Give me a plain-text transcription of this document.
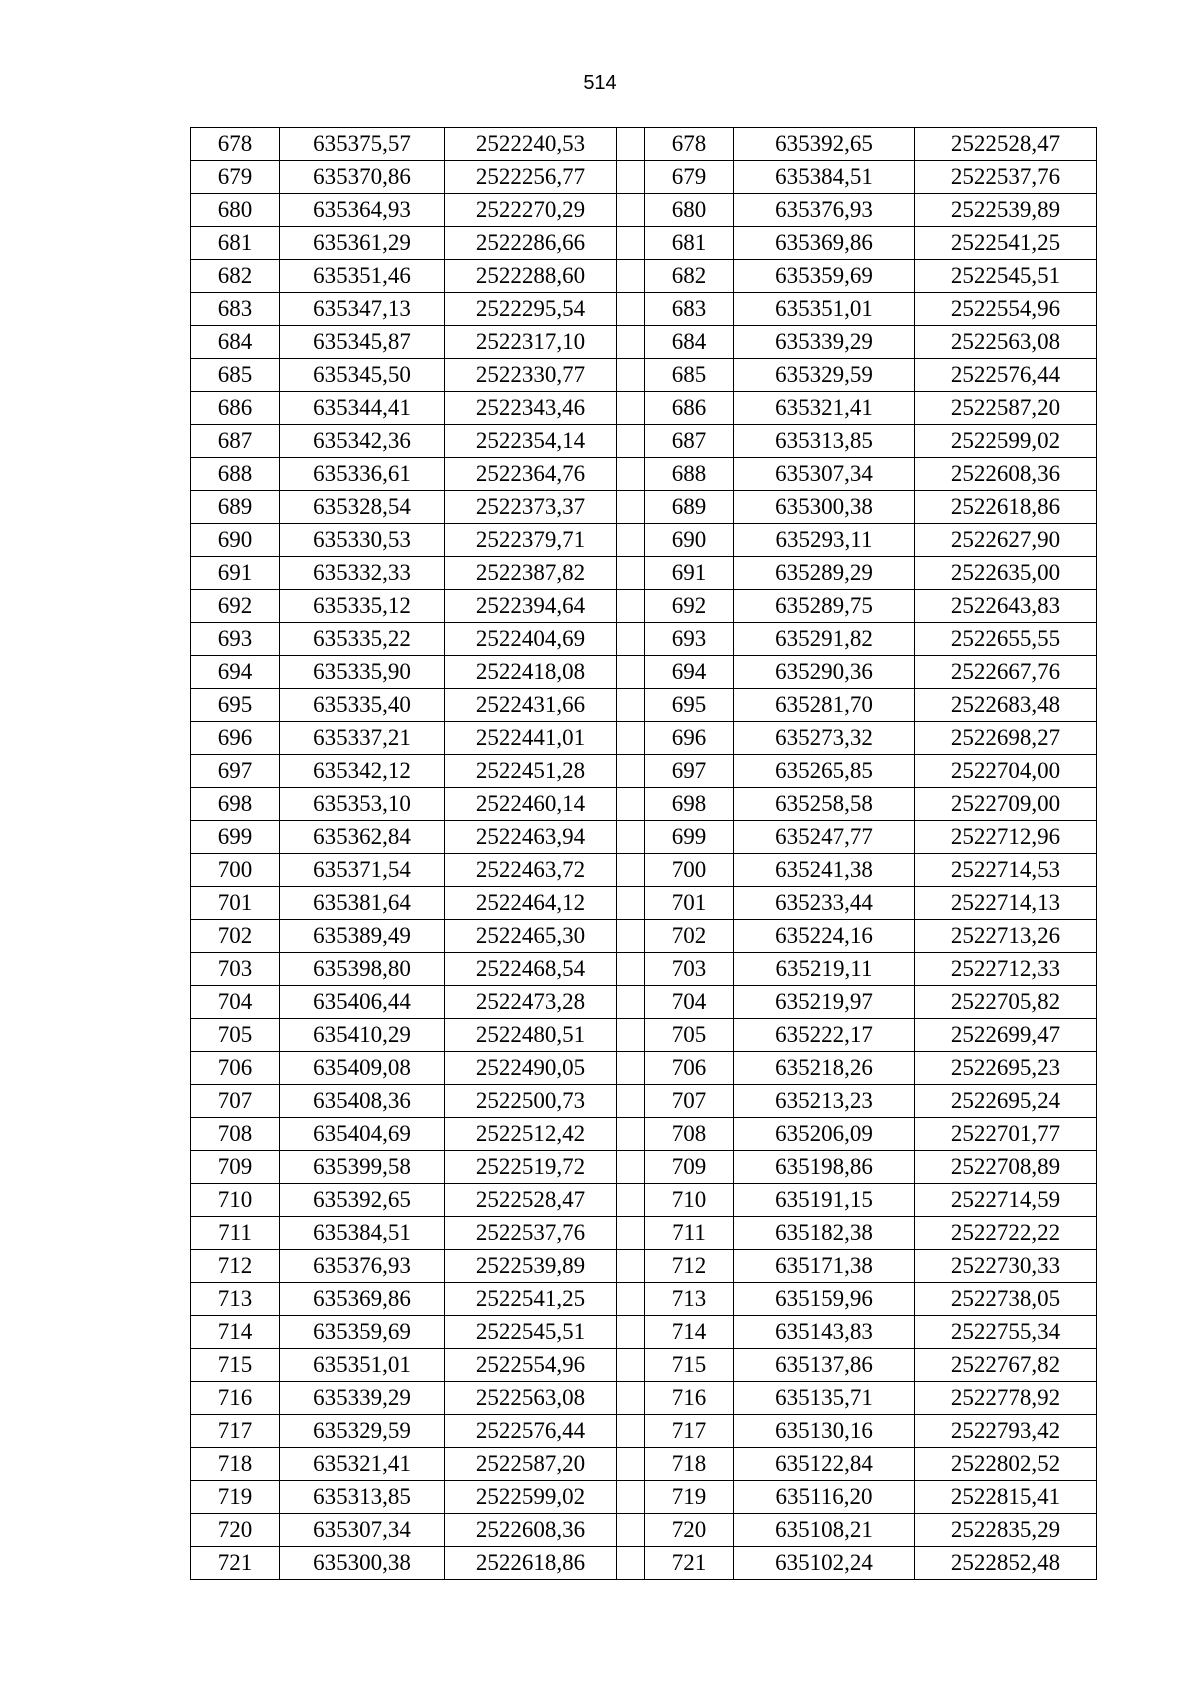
514
678	635375,57	2522240,53		678	635392,65	2522528,47
679	635370,86	2522256,77		679	635384,51	2522537,76
680	635364,93	2522270,29		680	635376,93	2522539,89
681	635361,29	2522286,66		681	635369,86	2522541,25
682	635351,46	2522288,60		682	635359,69	2522545,51
683	635347,13	2522295,54		683	635351,01	2522554,96
684	635345,87	2522317,10		684	635339,29	2522563,08
685	635345,50	2522330,77		685	635329,59	2522576,44
686	635344,41	2522343,46		686	635321,41	2522587,20
687	635342,36	2522354,14		687	635313,85	2522599,02
688	635336,61	2522364,76		688	635307,34	2522608,36
689	635328,54	2522373,37		689	635300,38	2522618,86
690	635330,53	2522379,71		690	635293,11	2522627,90
691	635332,33	2522387,82		691	635289,29	2522635,00
692	635335,12	2522394,64		692	635289,75	2522643,83
693	635335,22	2522404,69		693	635291,82	2522655,55
694	635335,90	2522418,08		694	635290,36	2522667,76
695	635335,40	2522431,66		695	635281,70	2522683,48
696	635337,21	2522441,01		696	635273,32	2522698,27
697	635342,12	2522451,28		697	635265,85	2522704,00
698	635353,10	2522460,14		698	635258,58	2522709,00
699	635362,84	2522463,94		699	635247,77	2522712,96
700	635371,54	2522463,72		700	635241,38	2522714,53
701	635381,64	2522464,12		701	635233,44	2522714,13
702	635389,49	2522465,30		702	635224,16	2522713,26
703	635398,80	2522468,54		703	635219,11	2522712,33
704	635406,44	2522473,28		704	635219,97	2522705,82
705	635410,29	2522480,51		705	635222,17	2522699,47
706	635409,08	2522490,05		706	635218,26	2522695,23
707	635408,36	2522500,73		707	635213,23	2522695,24
708	635404,69	2522512,42		708	635206,09	2522701,77
709	635399,58	2522519,72		709	635198,86	2522708,89
710	635392,65	2522528,47		710	635191,15	2522714,59
711	635384,51	2522537,76		711	635182,38	2522722,22
712	635376,93	2522539,89		712	635171,38	2522730,33
713	635369,86	2522541,25		713	635159,96	2522738,05
714	635359,69	2522545,51		714	635143,83	2522755,34
715	635351,01	2522554,96		715	635137,86	2522767,82
716	635339,29	2522563,08		716	635135,71	2522778,92
717	635329,59	2522576,44		717	635130,16	2522793,42
718	635321,41	2522587,20		718	635122,84	2522802,52
719	635313,85	2522599,02		719	635116,20	2522815,41
720	635307,34	2522608,36		720	635108,21	2522835,29
721	635300,38	2522618,86		721	635102,24	2522852,48
